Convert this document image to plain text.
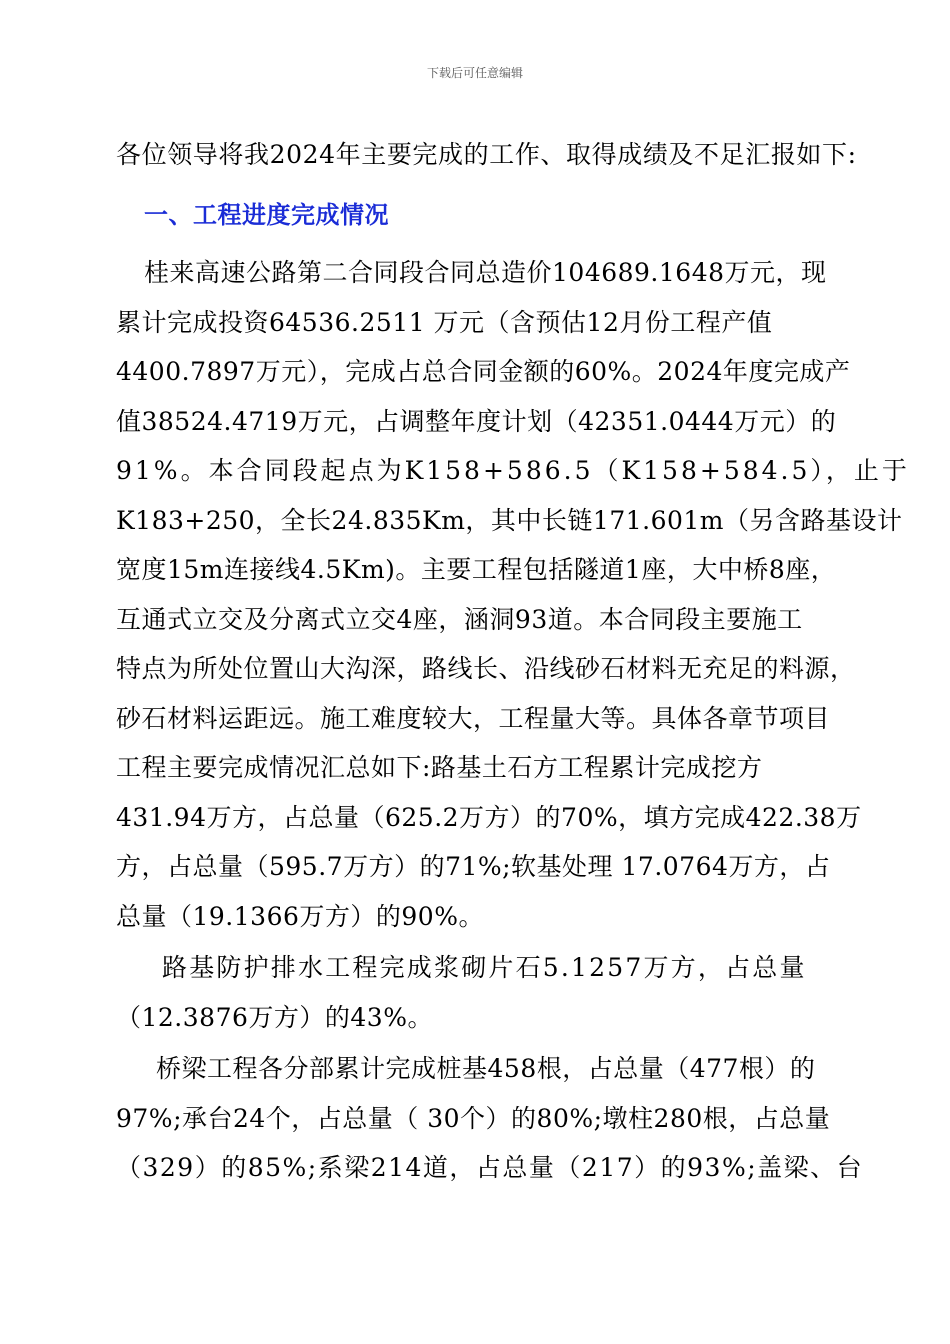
下载后可任意编辑
各位领导将我2024年主要完成的工作、取得成绩及不足汇报如下:
一、工程进度完成情况
桂来高速公路第二合同段合同总造价104689.1648万元，现
累计完成投资64536.2511 万元（含预估12月份工程产值
4400.7897万元），完成占总合同金额的60%。2024年度完成产
值38524.4719万元，占调整年度计划（42351.0444万元）的
91%。本合同段起点为K158+586.5（K158+584.5），止于
K183+250，全长24.835Km，其中长链171.601m（另含路基设计
宽度15m连接线4.5Km)。主要工程包括隧道1座，大中桥8座，
互通式立交及分离式立交4座，涵洞93道。本合同段主要施工
特点为所处位置山大沟深，路线长、沿线砂石材料无充足的料源，
砂石材料运距远。施工难度较大，工程量大等。具体各章节项目
工程主要完成情况汇总如下:路基土石方工程累计完成挖方
431.94万方，占总量（625.2万方）的70%，填方完成422.38万
方，占总量（595.7万方）的71%;软基处理 17.0764万方，占
总量（19.1366万方）的90%。
路基防护排水工程完成浆砌片石5.1257万方，占总量
（12.3876万方）的43%。
桥梁工程各分部累计完成桩基458根，占总量（477根）的
97%;承台24个，占总量（ 30个）的80%;墩柱280根，占总量
（329）的85%;系梁214道，占总量（217）的93%;盖梁、台
